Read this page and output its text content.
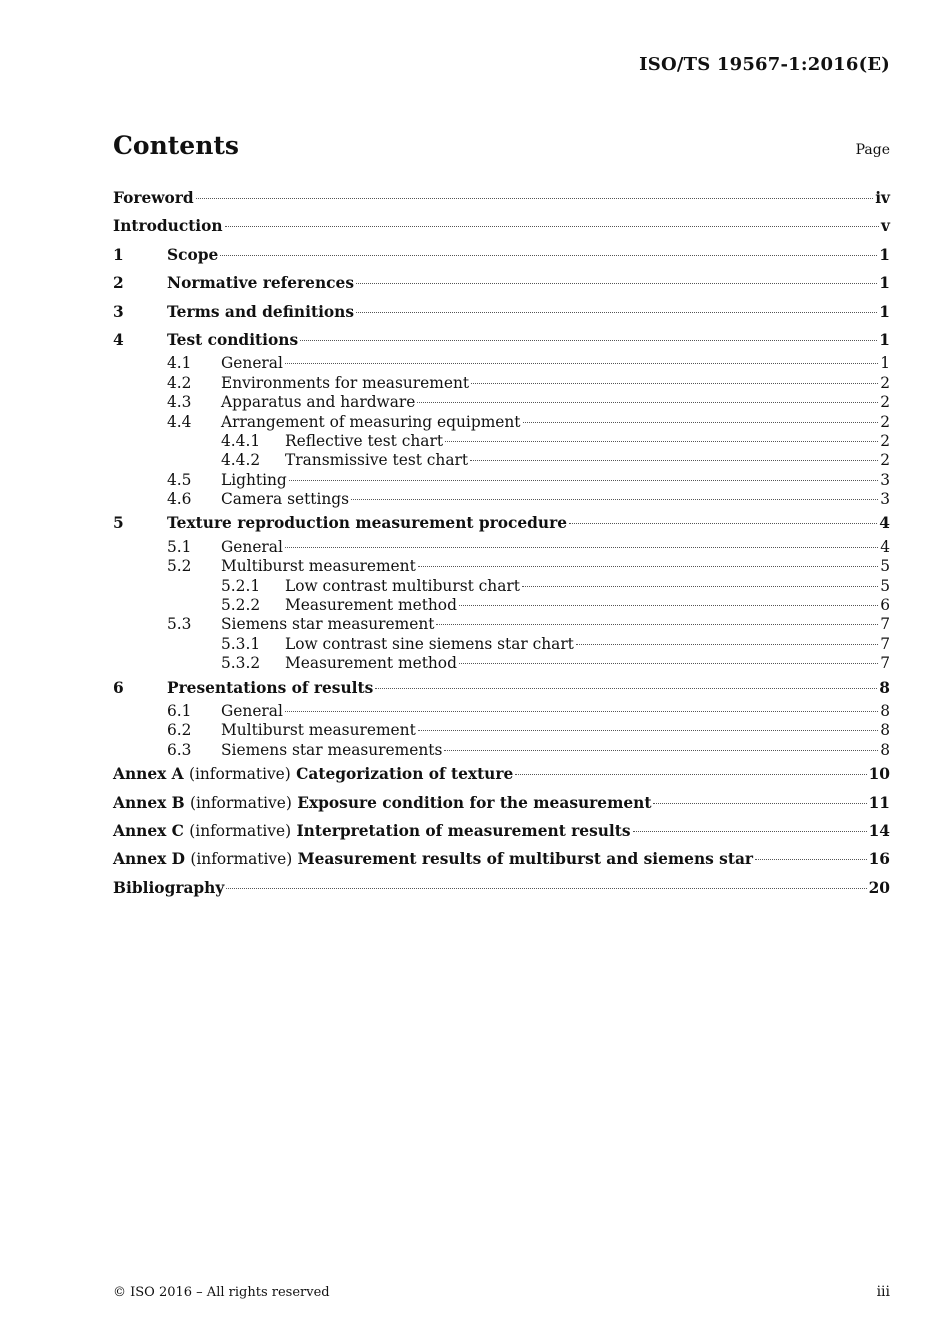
ISO/TS 19567-1:2016(E)
Contents	Page
Foreword	iv
Introduction	v
1	Scope	1
2	Normative references	1
3	Terms and definitions	1
4	Test conditions	1
4.1	General	1
4.2	Environments for measurement	2
4.3	Apparatus and hardware	2
4.4	Arrangement of measuring equipment	2
4.4.1	Reflective test chart	2
4.4.2	Transmissive test chart	2
4.5	Lighting	3
4.6	Camera settings	3
5	Texture reproduction measurement procedure	4
5.1	General	4
5.2	Multiburst measurement	5
5.2.1	Low contrast multiburst chart	5
5.2.2	Measurement method	6
5.3	Siemens star measurement	7
5.3.1	Low contrast sine siemens star chart	7
5.3.2	Measurement method	7
6	Presentations of results	8
6.1	General	8
6.2	Multiburst measurement	8
6.3	Siemens star measurements	8
Annex A (informative) Categorization of texture	10
Annex B (informative) Exposure condition for the measurement	11
Annex C (informative) Interpretation of measurement results	14
Annex D (informative) Measurement results of multiburst and siemens star	16
Bibliography	20
© ISO 2016 – All rights reserved	iii
